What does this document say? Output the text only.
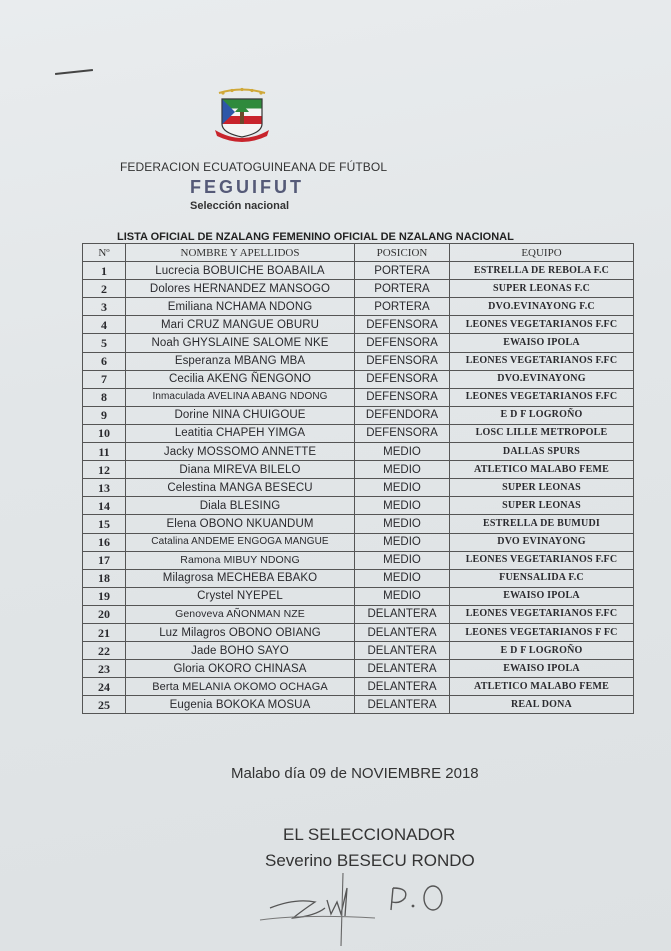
FEDERACION ECUATOGUINEANA DE FÚTBOL
FEGUIFUT
Selección nacional
LISTA OFICIAL DE NZALANG FEMENINO OFICIAL DE NZALANG NACIONAL
Nº	NOMBRE Y APELLIDOS	POSICION	EQUIPO
1	Lucrecia BOBUICHE BOABAILA	PORTERA	ESTRELLA DE REBOLA F.C
2	Dolores HERNANDEZ MANSOGO	PORTERA	SUPER LEONAS F.C
3	Emiliana NCHAMA NDONG	PORTERA	DVO.EVINAYONG F.C
4	Mari CRUZ MANGUE OBURU	DEFENSORA	LEONES VEGETARIANOS F.FC
5	Noah GHYSLAINE SALOME NKE	DEFENSORA	EWAISO IPOLA
6	Esperanza MBANG MBA	DEFENSORA	LEONES VEGETARIANOS F.FC
7	Cecilia AKENG ÑENGONO	DEFENSORA	DVO.EVINAYONG
8	Inmaculada AVELINA ABANG NDONG	DEFENSORA	LEONES VEGETARIANOS F.FC
9	Dorine NINA CHUIGOUE	DEFENDORA	E D F LOGROÑO
10	Leatitia CHAPEH YIMGA	DEFENSORA	LOSC LILLE METROPOLE
11	Jacky MOSSOMO ANNETTE	MEDIO	DALLAS SPURS
12	Diana MIREVA BILELO	MEDIO	ATLETICO MALABO FEME
13	Celestina MANGA BESECU	MEDIO	SUPER LEONAS
14	Diala BLESING	MEDIO	SUPER LEONAS
15	Elena OBONO NKUANDUM	MEDIO	ESTRELLA DE BUMUDI
16	Catalina ANDEME ENGOGA MANGUE	MEDIO	DVO EVINAYONG
17	Ramona MIBUY NDONG	MEDIO	LEONES VEGETARIANOS F.FC
18	Milagrosa MECHEBA EBAKO	MEDIO	FUENSALIDA F.C
19	Crystel NYEPEL	MEDIO	EWAISO IPOLA
20	Genoveva AÑONMAN NZE	DELANTERA	LEONES VEGETARIANOS F.FC
21	Luz Milagros OBONO OBIANG	DELANTERA	LEONES VEGETARIANOS F FC
22	Jade BOHO SAYO	DELANTERA	E D F LOGROÑO
23	Gloria OKORO CHINASA	DELANTERA	EWAISO IPOLA
24	Berta MELANIA OKOMO OCHAGA	DELANTERA	ATLETICO MALABO FEME
25	Eugenia BOKOKA MOSUA	DELANTERA	REAL DONA
Malabo día 09 de NOVIEMBRE 2018
EL SELECCIONADOR
Severino BESECU RONDO
